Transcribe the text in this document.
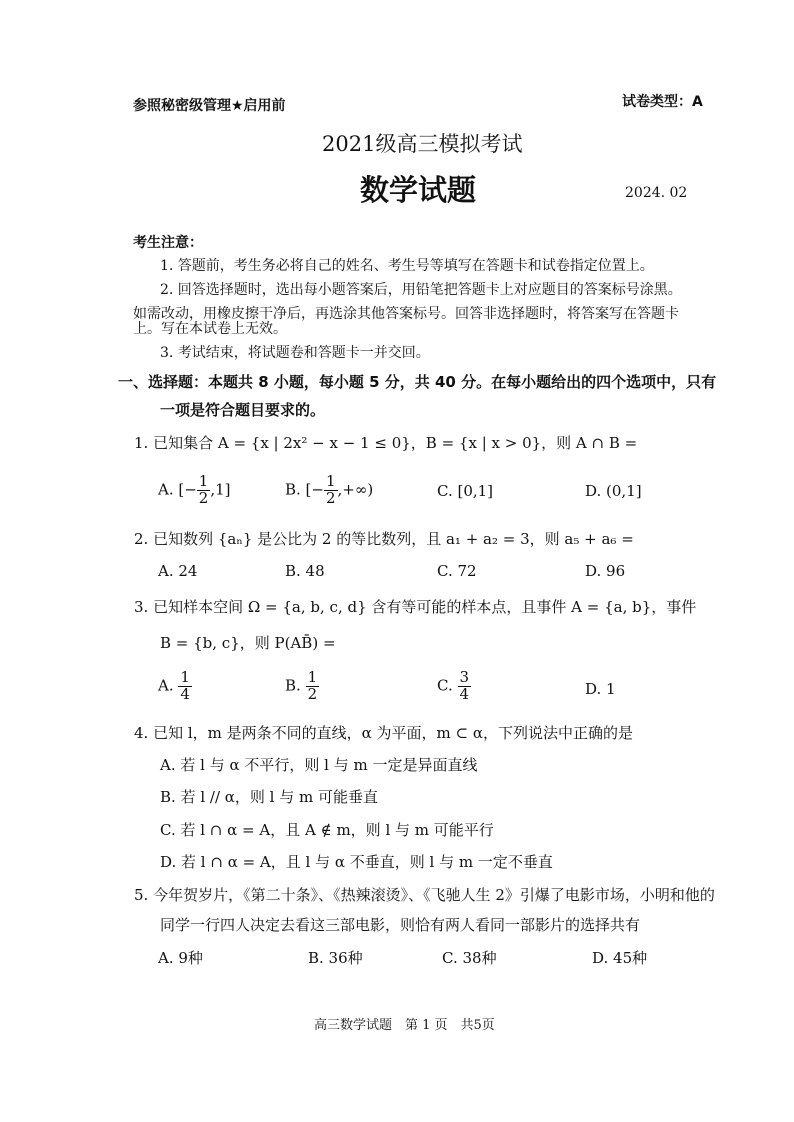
参照秘密级管理★启用前	试卷类型：A
2021级高三模拟考试
数学试题	2024. 02
考生注意：
1. 答题前，考生务必将自己的姓名、考生号等填写在答题卡和试卷指定位置上。
2. 回答选择题时，选出每小题答案后，用铅笔把答题卡上对应题目的答案标号涂黑。
如需改动，用橡皮擦干净后，再选涂其他答案标号。回答非选择题时，将答案写在答题卡
上。写在本试卷上无效。
3. 考试结束，将试题卷和答题卡一并交回。
一、选择题：本题共 8 小题，每小题 5 分，共 40 分。在每小题给出的四个选项中，只有
一项是符合题目要求的。
1. 已知集合 A = {x | 2x² − x − 1 ≤ 0}，B = {x | x > 0}，则 A ∩ B =
A. [− $\frac{1}{2} ,1$]	B. [− $\frac{1}{2}$ ,+∞)	C. [0,1]	D. (0,1]
2. 已知数列 {aₙ} 是公比为 2 的等比数列，且 a₁ + a₂ = 3，则 a₅ + a₆ =
A. 24	B. 48	C. 72	D. 96
3. 已知样本空间 Ω = {a, b, c, d} 含有等可能的样本点，且事件 A = {a, b}，事件
B = {b, c}，则 P(AB̄) =
A. $\frac{1}{4}$	B. $\frac{1}{2}$	C. $\frac{3}{4}$	D. 1
4. 已知 l，m 是两条不同的直线，α 为平面，m ⊂ α，下列说法中正确的是
A. 若 l 与 α 不平行，则 l 与 m 一定是异面直线
B. 若 l // α，则 l 与 m 可能垂直
C. 若 l ∩ α = A，且 A ∉ m，则 l 与 m 可能平行
D. 若 l ∩ α = A，且 l 与 α 不垂直，则 l 与 m 一定不垂直
5. 今年贺岁片，《第二十条》、《热辣滚烫》、《飞驰人生 2》引爆了电影市场，小明和他的
同学一行四人决定去看这三部电影，则恰有两人看同一部影片的选择共有
A. 9种	B. 36种	C. 38种	D. 45种
高三数学试题　第 1 页　共5页
